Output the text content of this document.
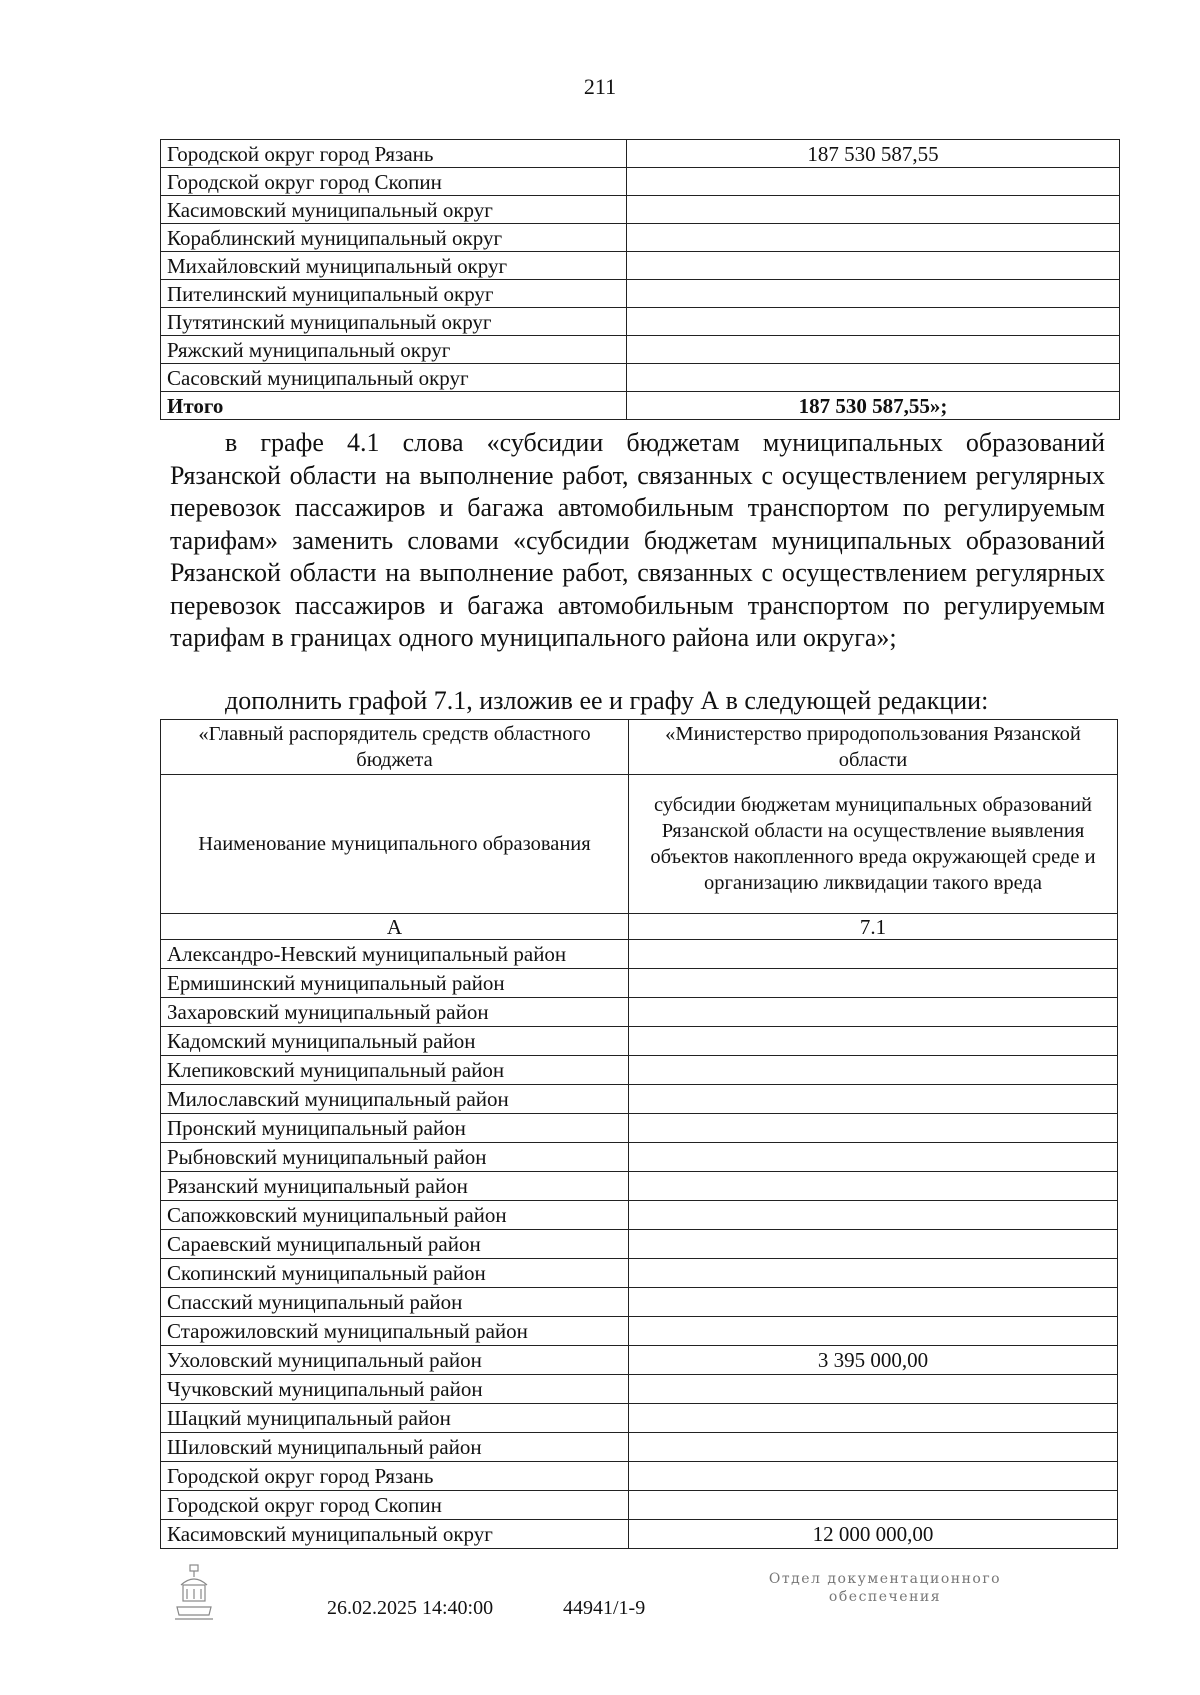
211
Городской округ город Рязань	187 530 587,55
Городской округ город Скопин	
Касимовский муниципальный округ	
Кораблинский муниципальный округ	
Михайловский муниципальный округ	
Пителинский муниципальный округ	
Путятинский муниципальный округ	
Ряжский муниципальный округ	
Сасовский муниципальный округ	
Итого	187 530 587,55»;
в графе 4.1 слова «субсидии бюджетам муниципальных образований Рязанской области на выполнение работ, связанных с осуществлением регулярных перевозок пассажиров и багажа автомобильным транспортом по регулируемым тарифам» заменить словами «субсидии бюджетам муниципальных образований Рязанской области на выполнение работ, связанных с осуществлением регулярных перевозок пассажиров и багажа автомобильным транспортом по регулируемым тарифам в границах одного муниципального района или округа»;
дополнить графой 7.1, изложив ее и графу А в следующей редакции:
«Главный распорядитель средств областного бюджета	«Министерство природопользования Рязанской области
Наименование муниципального образования	субсидии бюджетам муниципальных образований Рязанской области на осуществление выявления объектов накопленного вреда окружающей среде и организацию ликвидации такого вреда
А	7.1
Александро-Невский муниципальный район	
Ермишинский муниципальный район	
Захаровский муниципальный район	
Кадомский муниципальный район	
Клепиковский муниципальный район	
Милославский муниципальный район	
Пронский муниципальный район	
Рыбновский муниципальный район	
Рязанский муниципальный район	
Сапожковский муниципальный район	
Сараевский муниципальный район	
Скопинский муниципальный район	
Спасский муниципальный район	
Старожиловский муниципальный район	
Ухоловский муниципальный район	3 395 000,00
Чучковский муниципальный район	
Шацкий муниципальный район	
Шиловский муниципальный район	
Городской округ город Рязань	
Городской округ город Скопин	
Касимовский муниципальный округ	12 000 000,00
26.02.2025 14:40:00	44941/1-9
Отдел документационного
обеспечения
